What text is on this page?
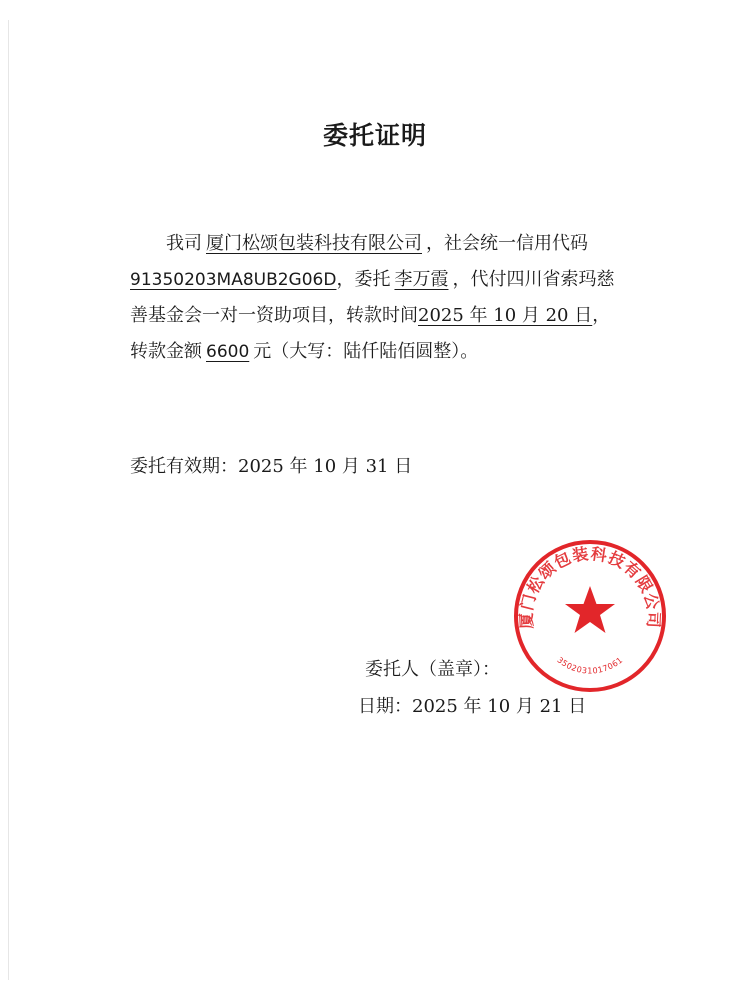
委托证明
我司 厦门松颂包装科技有限公司 ，社会统一信用代码
91350203MA8UB2G06D，委托 李万霞 ，代付四川省索玛慈
善基金会一对一资助项目，转款时间2025 年 10 月 20 日，
转款金额 6600 元（大写：陆仟陆佰圆整）。
委托有效期：2025 年 10 月 31 日
厦门松颂包装科技有限公司
3502031017061
委托人（盖章）：
日期：2025 年 10 月 21 日
